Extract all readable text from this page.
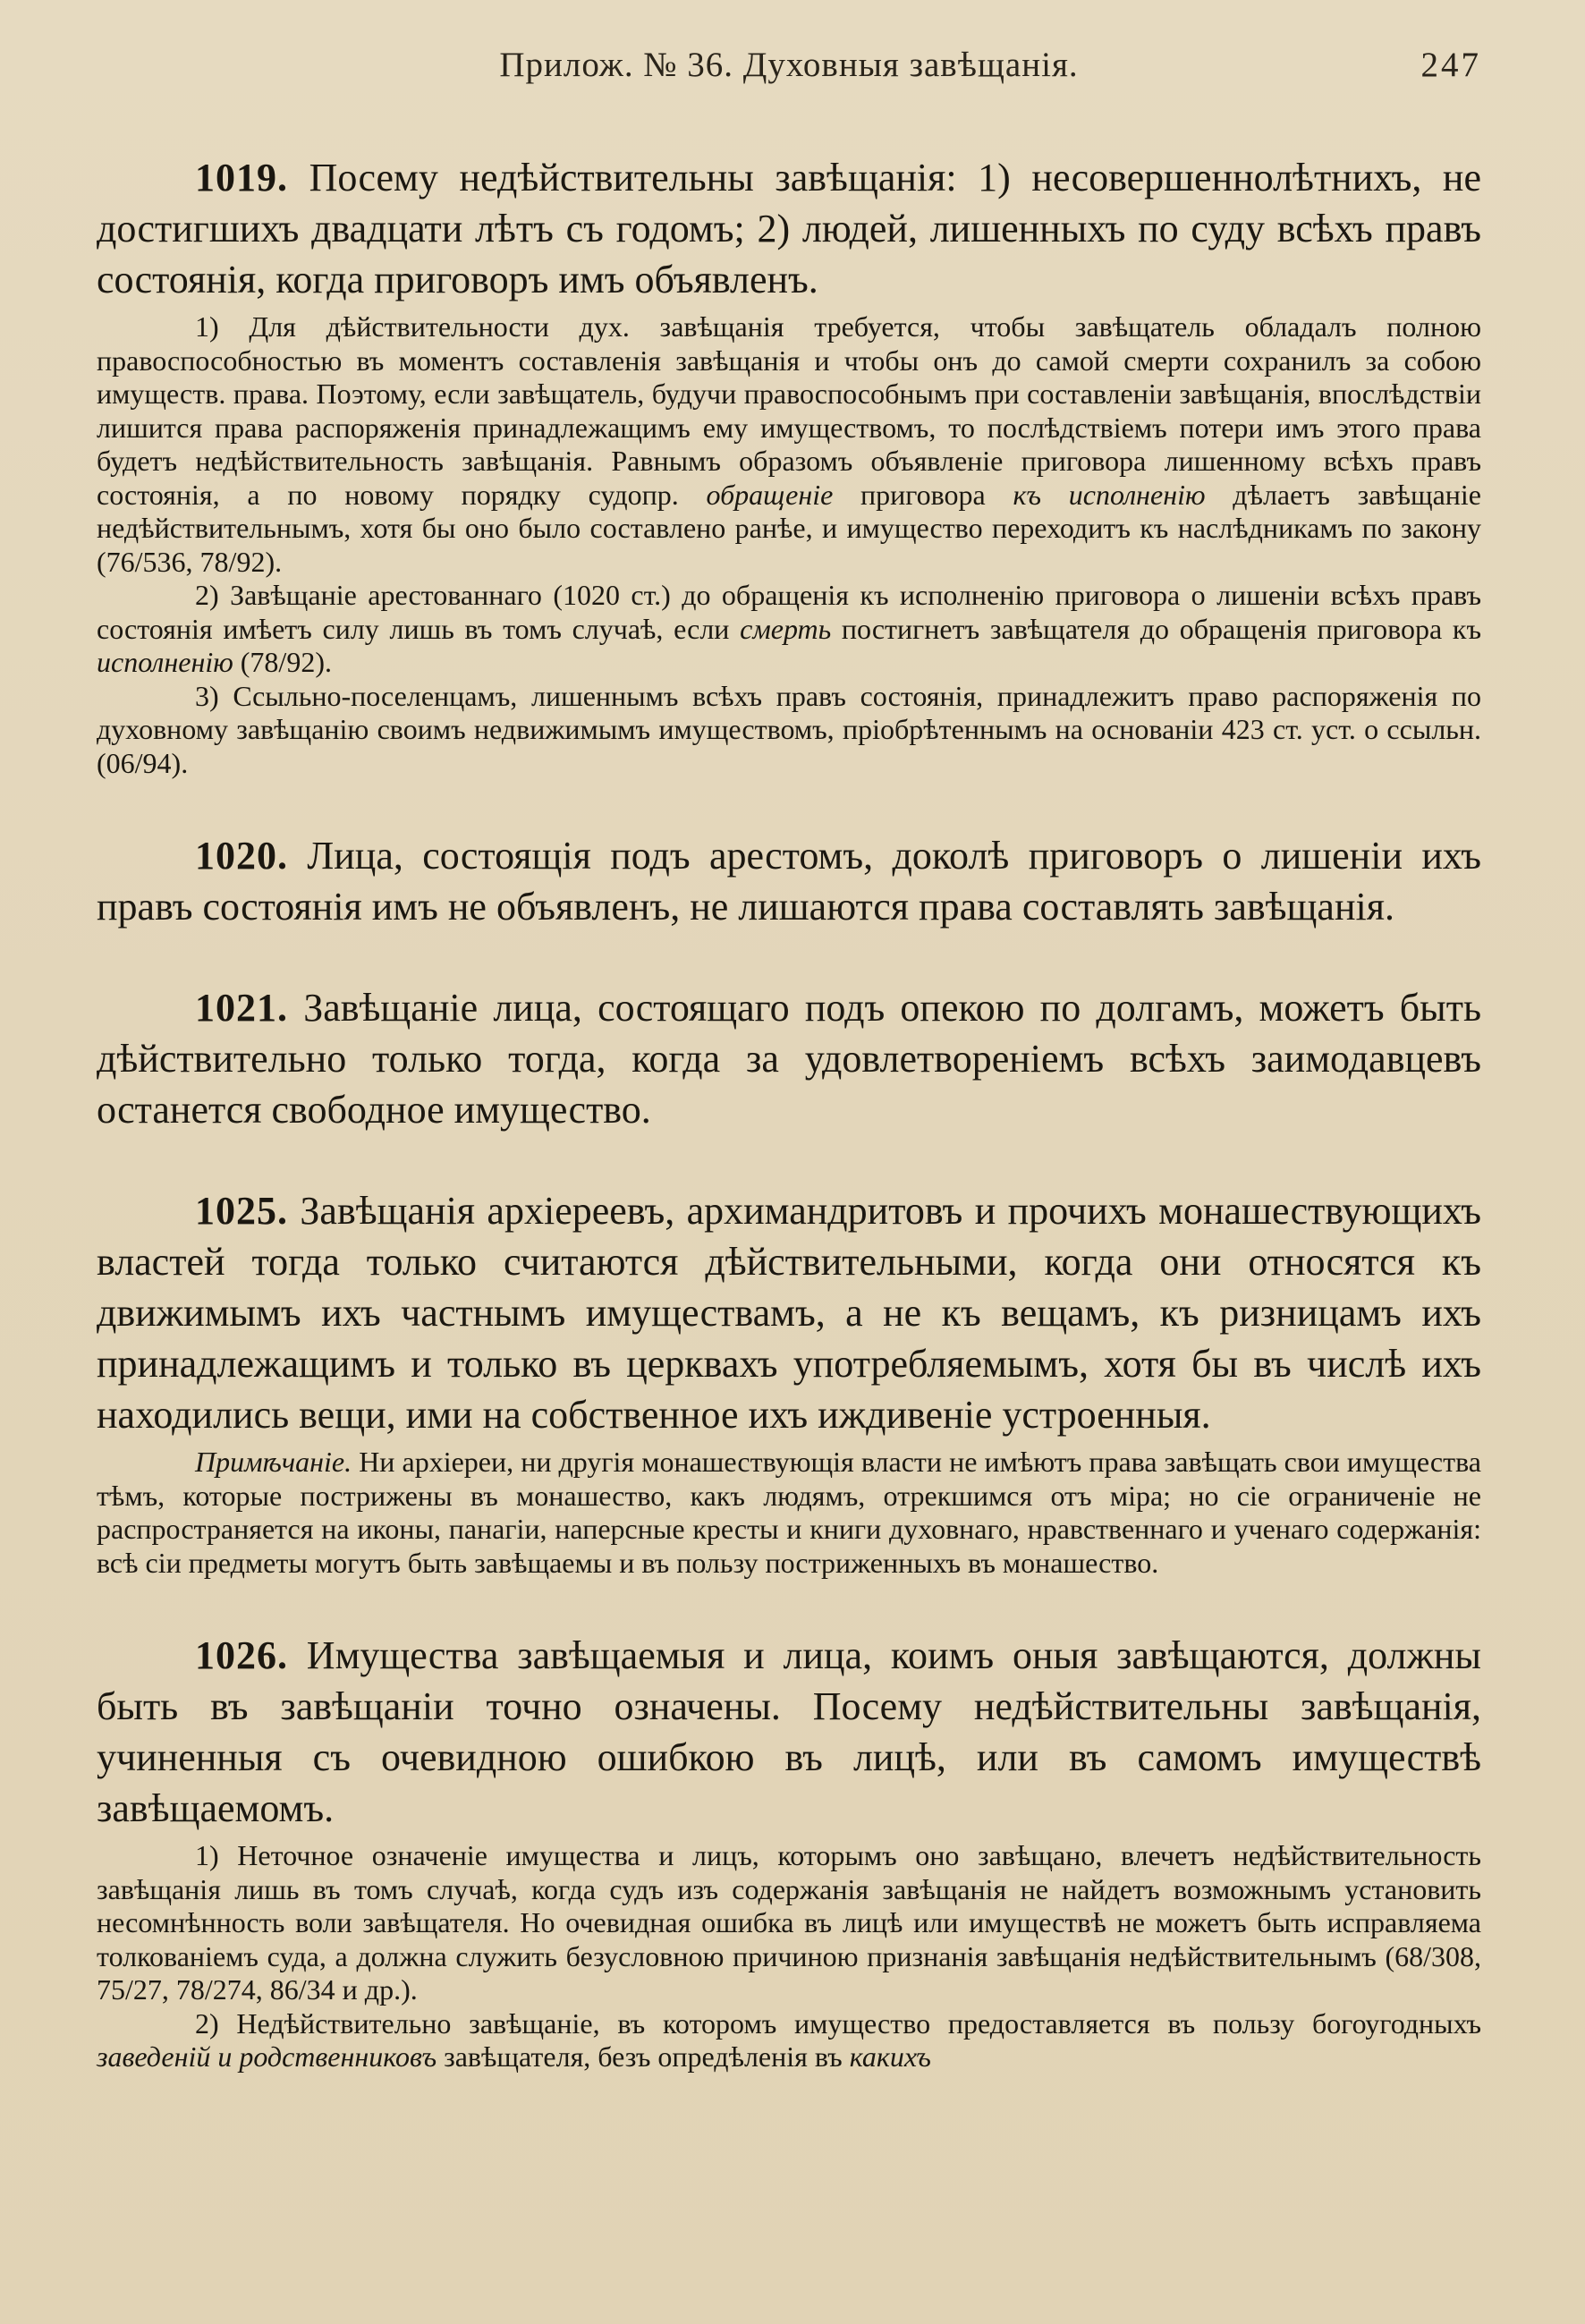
Прилож. № 36. Духовныя завѣщанія.	247

1019. Посему недѣйствительны завѣщанія: 1) несовершеннолѣтнихъ, не достигшихъ двадцати лѣтъ съ годомъ; 2) людей, лишенныхъ по суду всѣхъ правъ состоянія, когда приговоръ имъ объявленъ.

1) Для дѣйствительности дух. завѣщанія требуется, чтобы завѣщатель обладалъ полною правоспособностью въ моментъ составленія завѣщанія и чтобы онъ до самой смерти сохранилъ за собою имуществ. права. Поэтому, если завѣщатель, будучи правоспособнымъ при составленіи завѣщанія, впослѣдствіи лишится права распоряженія принадлежащимъ ему имуществомъ, то послѣдствіемъ потери имъ этого права будетъ недѣйствительность завѣщанія. Равнымъ образомъ объявленіе приговора лишенному всѣхъ правъ состоянія, а по новому порядку судопр. обращеніе приговора къ исполненію дѣлаетъ завѣщаніе недѣйствительнымъ, хотя бы оно было составлено ранѣе, и имущество переходитъ къ наслѣдникамъ по закону (76/536, 78/92).

2) Завѣщаніе арестованнаго (1020 ст.) до обращенія къ исполненію приговора о лишеніи всѣхъ правъ состоянія имѣетъ силу лишь въ томъ случаѣ, если смерть постигнетъ завѣщателя до обращенія приговора къ исполненію (78/92).

3) Ссыльно-поселенцамъ, лишеннымъ всѣхъ правъ состоянія, принадлежитъ право распоряженія по духовному завѣщанію своимъ недвижимымъ имуществомъ, пріобрѣтеннымъ на основаніи 423 ст. уст. о ссыльн. (06/94).

1020. Лица, состоящія подъ арестомъ, доколѣ приговоръ о лишеніи ихъ правъ состоянія имъ не объявленъ, не лишаются права составлять завѣщанія.

1021. Завѣщаніе лица, состоящаго подъ опекою по долгамъ, можетъ быть дѣйствительно только тогда, когда за удовлетвореніемъ всѣхъ заимодавцевъ останется свободное имущество.

1025. Завѣщанія архіереевъ, архимандритовъ и прочихъ монашествующихъ властей тогда только считаются дѣйствительными, когда они относятся къ движимымъ ихъ частнымъ имуществамъ, а не къ вещамъ, къ ризницамъ ихъ принадлежащимъ и только въ церквахъ употребляемымъ, хотя бы въ числѣ ихъ находились вещи, ими на собственное ихъ иждивеніе устроенныя.

Примѣчаніе. Ни архіереи, ни другія монашествующія власти не имѣютъ права завѣщать свои имущества тѣмъ, которые пострижены въ монашество, какъ людямъ, отрекшимся отъ міра; но сіе ограниченіе не распространяется на иконы, панагіи, наперсные кресты и книги духовнаго, нравственнаго и ученаго содержанія: всѣ сіи предметы могутъ быть завѣщаемы и въ пользу постриженныхъ въ монашество.

1026. Имущества завѣщаемыя и лица, коимъ оныя завѣщаются, должны быть въ завѣщаніи точно означены. Посему недѣйствительны завѣщанія, учиненныя съ очевидною ошибкою въ лицѣ, или въ самомъ имуществѣ завѣщаемомъ.

1) Неточное означеніе имущества и лицъ, которымъ оно завѣщано, влечетъ недѣйствительность завѣщанія лишь въ томъ случаѣ, когда судъ изъ содержанія завѣщанія не найдетъ возможнымъ установить несомнѣнность воли завѣщателя. Но очевидная ошибка въ лицѣ или имуществѣ не можетъ быть исправляема толкованіемъ суда, а должна служить безусловною причиною признанія завѣщанія недѣйствительнымъ (68/308, 75/27, 78/274, 86/34 и др.).

2) Недѣйствительно завѣщаніе, въ которомъ имущество предоставляется въ пользу богоугодныхъ заведеній и родственниковъ завѣщателя, безъ опредѣленія въ какихъ
